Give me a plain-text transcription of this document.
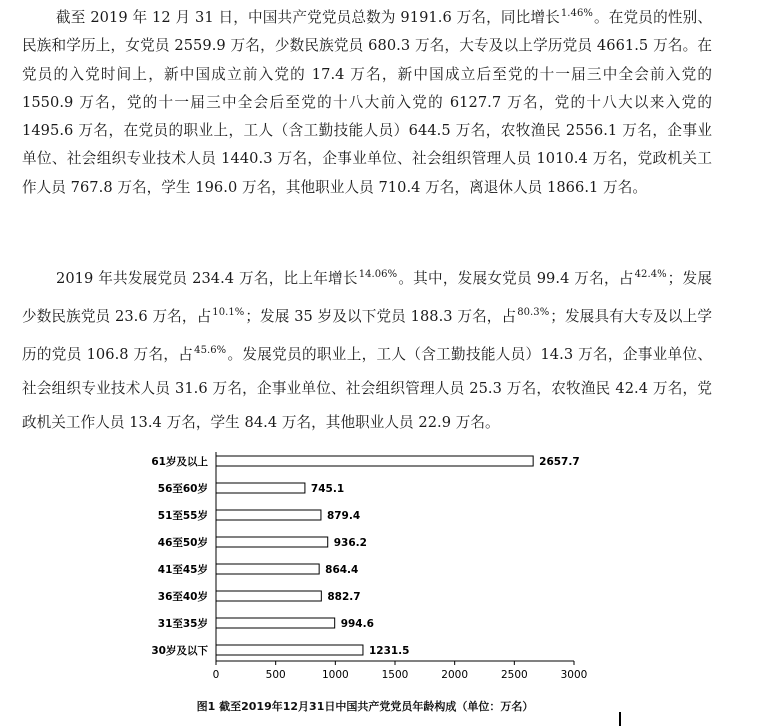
截至 2019 年 12 月 31 日，中国共产党党员总数为 9191.6 万名，同比增长$^{1.46\%}$。在党员的性别、民族和学历上，女党员 2559.9 万名，少数民族党员 680.3 万名，大专及以上学历党员 4661.5 万名。在党员的入党时间上，新中国成立前入党的 17.4 万名，新中国成立后至党的十一届三中全会前入党的 1550.9 万名，党的十一届三中全会后至党的十八大前入党的 6127.7 万名，党的十八大以来入党的 1495.6 万名，在党员的职业上，工人（含工勤技能人员）644.5 万名，农牧渔民 2556.1 万名，企事业单位、社会组织专业技术人员 1440.3 万名，企事业单位、社会组织管理人员 1010.4 万名，党政机关工作人员 767.8 万名，学生 196.0 万名，其他职业人员 710.4 万名，离退休人员 1866.1 万名。

2019 年共发展党员 234.4 万名，比上年增长$^{14.06\%}$。其中，发展女党员 99.4 万名，占$^{42.4\%}$；发展少数民族党员 23.6 万名，占$^{10.1\%}$；发展 35 岁及以下党员 188.3 万名，占$^{80.3\%}$；发展具有大专及以上学历的党员 106.8 万名，占$^{45.6\%}$。发展党员的职业上，工人（含工勤技能人员）14.3 万名，企事业单位、社会组织专业技术人员 31.6 万名，企事业单位、社会组织管理人员 25.3 万名，农牧渔民 42.4 万名，党政机关工作人员 13.4 万名，学生 84.4 万名，其他职业人员 22.9 万名。

61岁及以上	2657.7
56至60岁	745.1
51至55岁	879.4
46至50岁	936.2
41至45岁	864.4
36至40岁	882.7
31至35岁	994.6
30岁及以下	1231.5
0	500	1000	1500	2000	2500	3000
图1 截至2019年12月31日中国共产党党员年龄构成（单位：万名）
